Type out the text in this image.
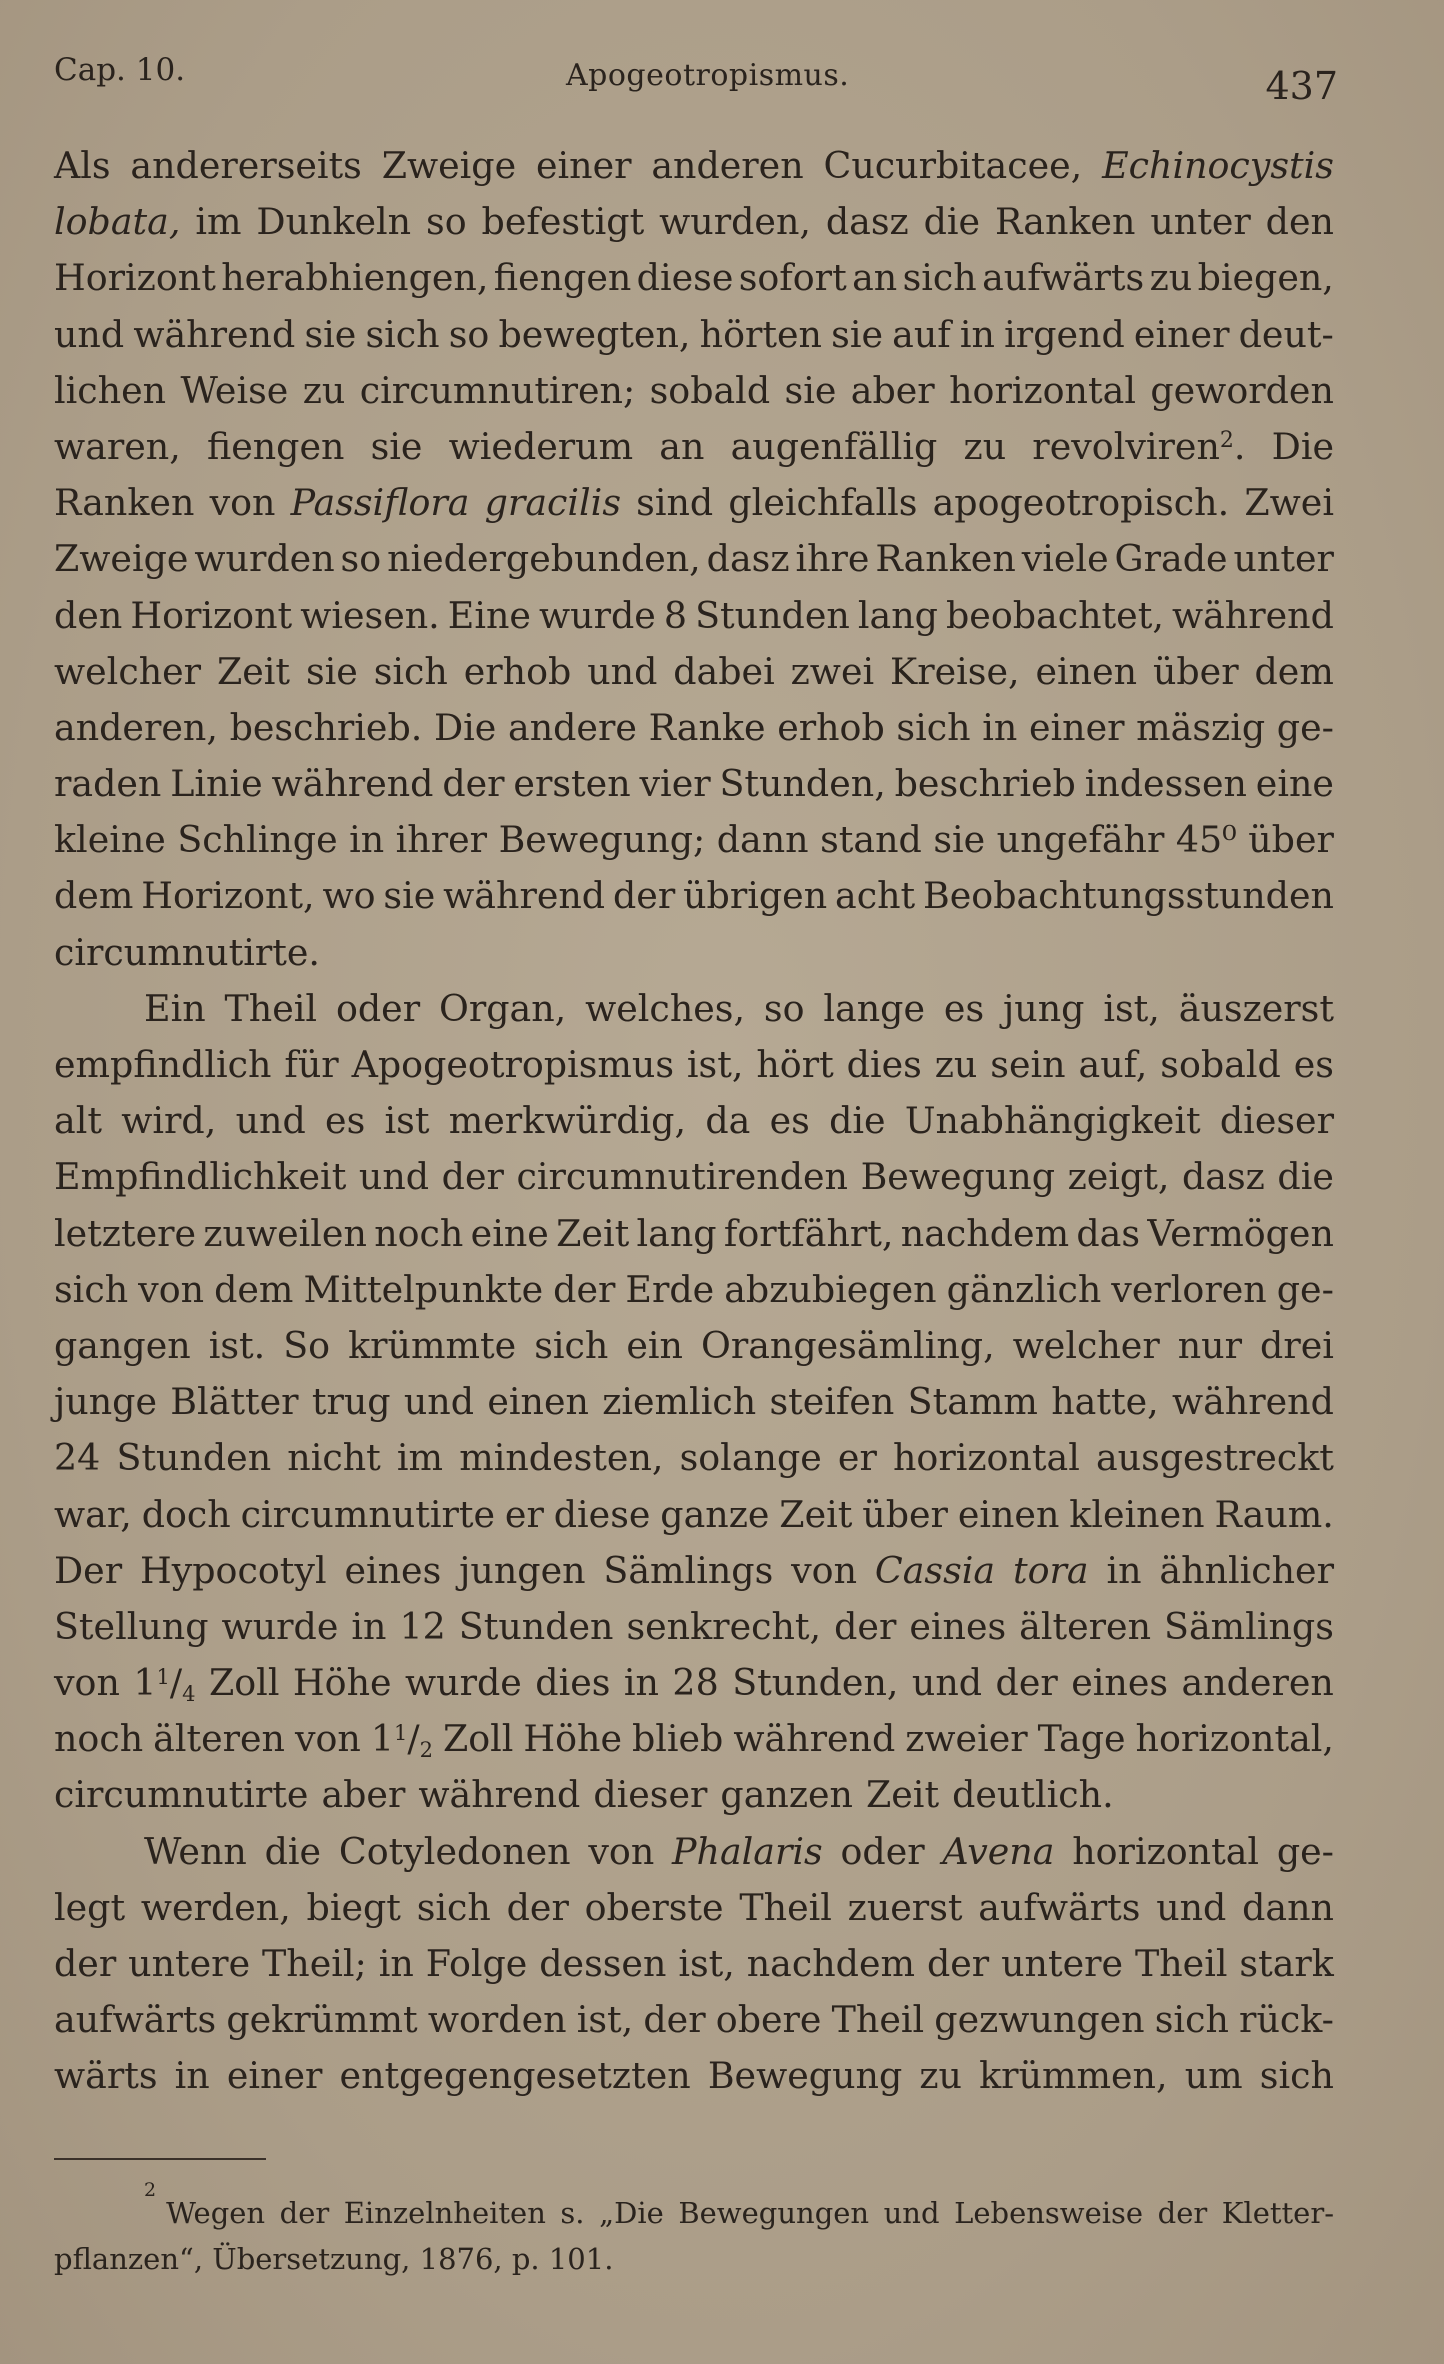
Cap. 10.	Apogeotropismus.	437
Als andererseits Zweige einer anderen Cucurbitacee, Echinocystis
lobata, im Dunkeln so befestigt wurden, dasz die Ranken unter den
Horizont herabhiengen, fiengen diese sofort an sich aufwärts zu biegen,
und während sie sich so bewegten, hörten sie auf in irgend einer deut-
lichen Weise zu circumnutiren; sobald sie aber horizontal geworden
waren, fiengen sie wiederum an augenfällig zu revolviren$^2$. Die
Ranken von Passiflora gracilis sind gleichfalls apogeotropisch. Zwei
Zweige wurden so niedergebunden, dasz ihre Ranken viele Grade unter
den Horizont wiesen. Eine wurde 8 Stunden lang beobachtet, während
welcher Zeit sie sich erhob und dabei zwei Kreise, einen über dem
anderen, beschrieb. Die andere Ranke erhob sich in einer mäszig ge-
raden Linie während der ersten vier Stunden, beschrieb indessen eine
kleine Schlinge in ihrer Bewegung; dann stand sie ungefähr 45⁰ über
dem Horizont, wo sie während der übrigen acht Beobachtungsstunden
circumnutirte.
Ein Theil oder Organ, welches, so lange es jung ist, äuszerst
empfindlich für Apogeotropismus ist, hört dies zu sein auf, sobald es
alt wird, und es ist merkwürdig, da es die Unabhängigkeit dieser
Empfindlichkeit und der circumnutirenden Bewegung zeigt, dasz die
letztere zuweilen noch eine Zeit lang fortfährt, nachdem das Vermögen
sich von dem Mittelpunkte der Erde abzubiegen gänzlich verloren ge-
gangen ist. So krümmte sich ein Orangesämling, welcher nur drei
junge Blätter trug und einen ziemlich steifen Stamm hatte, während
24 Stunden nicht im mindesten, solange er horizontal ausgestreckt
war, doch circumnutirte er diese ganze Zeit über einen kleinen Raum.
Der Hypocotyl eines jungen Sämlings von Cassia tora in ähnlicher
Stellung wurde in 12 Stunden senkrecht, der eines älteren Sämlings
von $1^1/_4$ Zoll Höhe wurde dies in 28 Stunden, und der eines anderen
noch älteren von $1^1/_2$ Zoll Höhe blieb während zweier Tage horizontal,
circumnutirte aber während dieser ganzen Zeit deutlich.
Wenn die Cotyledonen von Phalaris oder Avena horizontal ge-
legt werden, biegt sich der oberste Theil zuerst aufwärts und dann
der untere Theil; in Folge dessen ist, nachdem der untere Theil stark
aufwärts gekrümmt worden ist, der obere Theil gezwungen sich rück-
wärts in einer entgegengesetzten Bewegung zu krümmen, um sich
2
Wegen der Einzelnheiten s. „Die Bewegungen und Lebensweise der Kletter-
pflanzen“, Übersetzung, 1876, p. 101.
